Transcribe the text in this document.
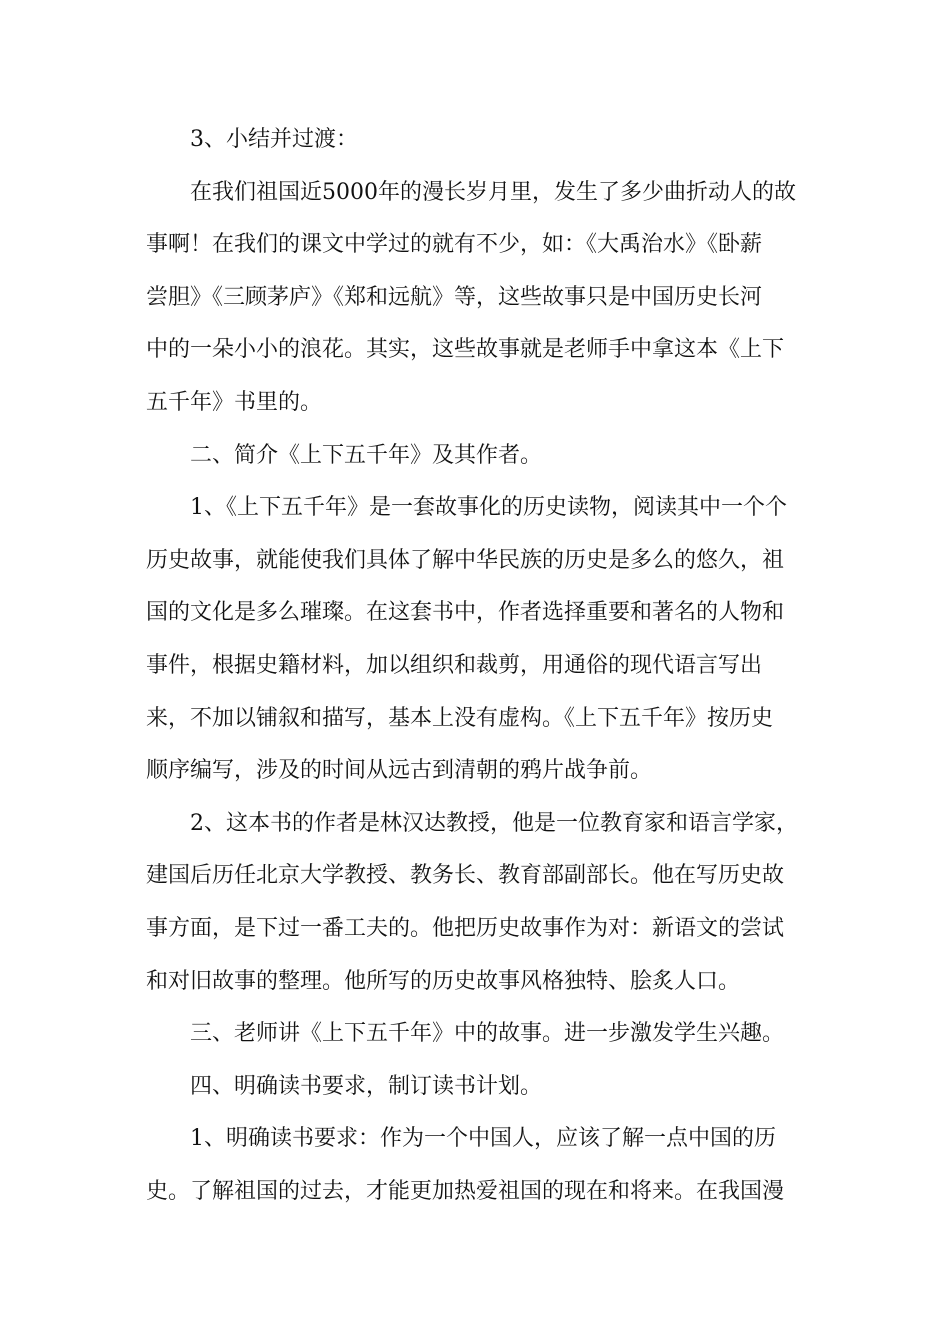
3、小结并过渡：
在我们祖国近5000年的漫长岁月里，发生了多少曲折动人的故
事啊！在我们的课文中学过的就有不少，如：《大禹治水》《卧薪
尝胆》《三顾茅庐》《郑和远航》等，这些故事只是中国历史长河
中的一朵小小的浪花。其实，这些故事就是老师手中拿这本《上下
五千年》书里的。
二、简介《上下五千年》及其作者。
1、《上下五千年》是一套故事化的历史读物，阅读其中一个个
历史故事，就能使我们具体了解中华民族的历史是多么的悠久，祖
国的文化是多么璀璨。在这套书中，作者选择重要和著名的人物和
事件，根据史籍材料，加以组织和裁剪，用通俗的现代语言写出
来，不加以铺叙和描写，基本上没有虚构。《上下五千年》按历史
顺序编写，涉及的时间从远古到清朝的鸦片战争前。
2、这本书的作者是林汉达教授，他是一位教育家和语言学家，
建国后历任北京大学教授、教务长、教育部副部长。他在写历史故
事方面，是下过一番工夫的。他把历史故事作为对：新语文的尝试
和对旧故事的整理。他所写的历史故事风格独特、脍炙人口。
三、老师讲《上下五千年》中的故事。进一步激发学生兴趣。
四、明确读书要求，制订读书计划。
1、明确读书要求：作为一个中国人，应该了解一点中国的历
史。了解祖国的过去，才能更加热爱祖国的现在和将来。在我国漫
